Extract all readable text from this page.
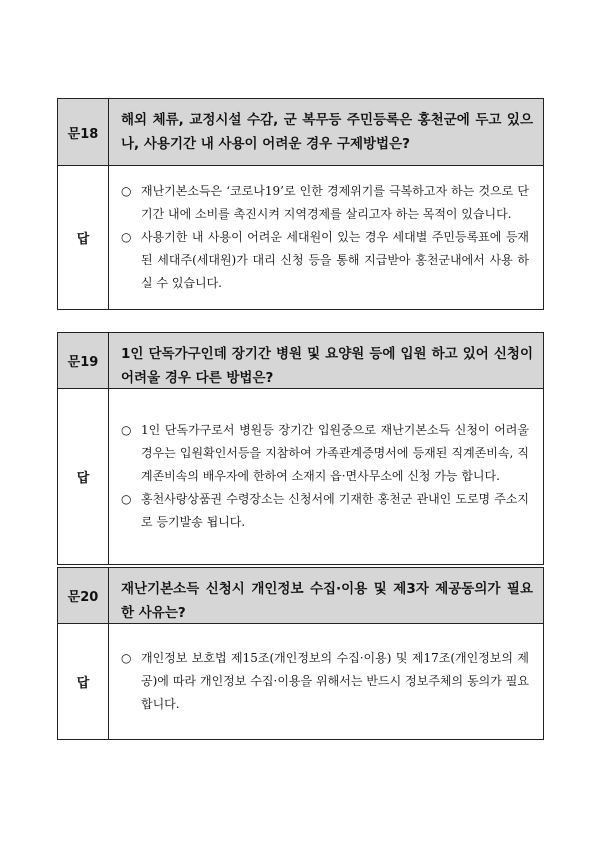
문18
해외 체류, 교정시설 수감, 군 복무등 주민등록은 홍천군에 두고 있으나, 사용기간 내 사용이 어려운 경우 구제방법은?
답
○ 재난기본소득은 ‘코로나19’로 인한 경제위기를 극복하고자 하는 것으로 단기간 내에 소비를 촉진시켜 지역경제를 살리고자 하는 목적이 있습니다.
○ 사용기한 내 사용이 어려운 세대원이 있는 경우 세대별 주민등록표에 등재된 세대주(세대원)가 대리 신청 등을 통해 지급받아 홍천군내에서 사용 하실 수 있습니다.
문19
1인 단독가구인데 장기간 병원 및 요양원 등에 입원 하고 있어 신청이 어려울 경우 다른 방법은?
답
○ 1인 단독가구로서 병원등 장기간 입원중으로 재난기본소득 신청이 어려울 경우는 입원확인서등을 지참하여 가족관계증명서에 등재된 직계존비속, 직계존비속의 배우자에 한하여 소재지 읍·면사무소에 신청 가능 합니다.
○ 홍천사랑상품권 수령장소는 신청서에 기재한 홍천군 관내인 도로명 주소지로 등기발송 됩니다.
문20
재난기본소득 신청시 개인정보 수집·이용 및 제3자 제공동의가 필요한 사유는?
답
○ 개인정보 보호법 제15조(개인정보의 수집·이용) 및 제17조(개인정보의 제공)에 따라 개인정보 수집·이용을 위해서는 반드시 정보주체의 동의가 필요합니다.
